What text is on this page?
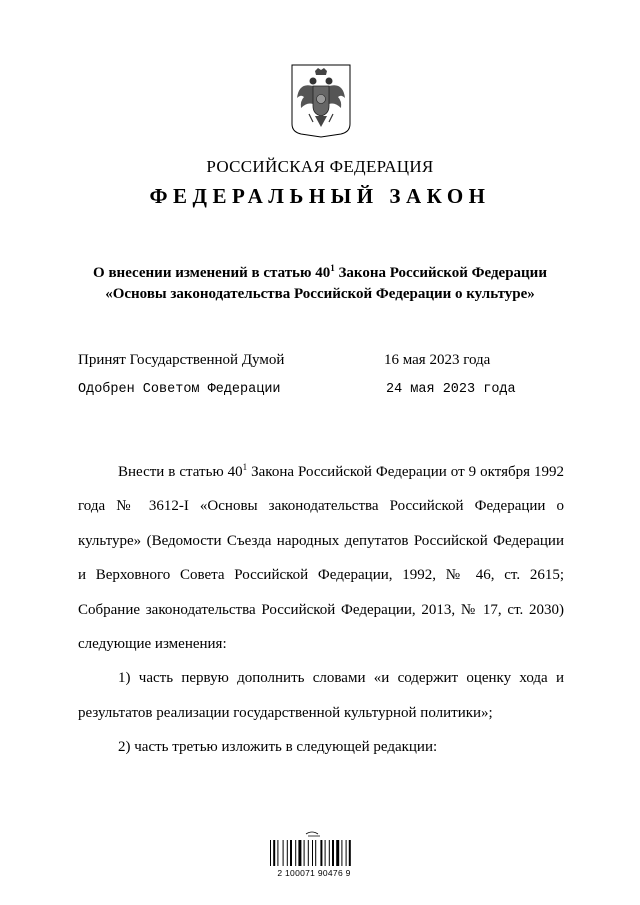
РОССИЙСКАЯ ФЕДЕРАЦИЯ
ФЕДЕРАЛЬНЫЙ ЗАКОН
О внесении изменений в статью $40^1$ Закона Российской Федерации
«Основы законодательства Российской Федерации о культуре»
Принят Государственной Думой	16 мая 2023 года
Одобрен Советом Федерации	24 мая 2023 года

Внести в статью $40^1$ Закона Российской Федерации от 9 октября 1992 года № 3612-I «Основы законодательства Российской Федерации о культуре» (Ведомости Съезда народных депутатов Российской Федерации и Верховного Совета Российской Федерации, 1992, № 46, ст. 2615; Собрание законодательства Российской Федерации, 2013, № 17, ст. 2030) следующие изменения:

1) часть первую дополнить словами «и содержит оценку хода и результатов реализации государственной культурной политики»;

2) часть третью изложить в следующей редакции:

2 100071 90476 9
